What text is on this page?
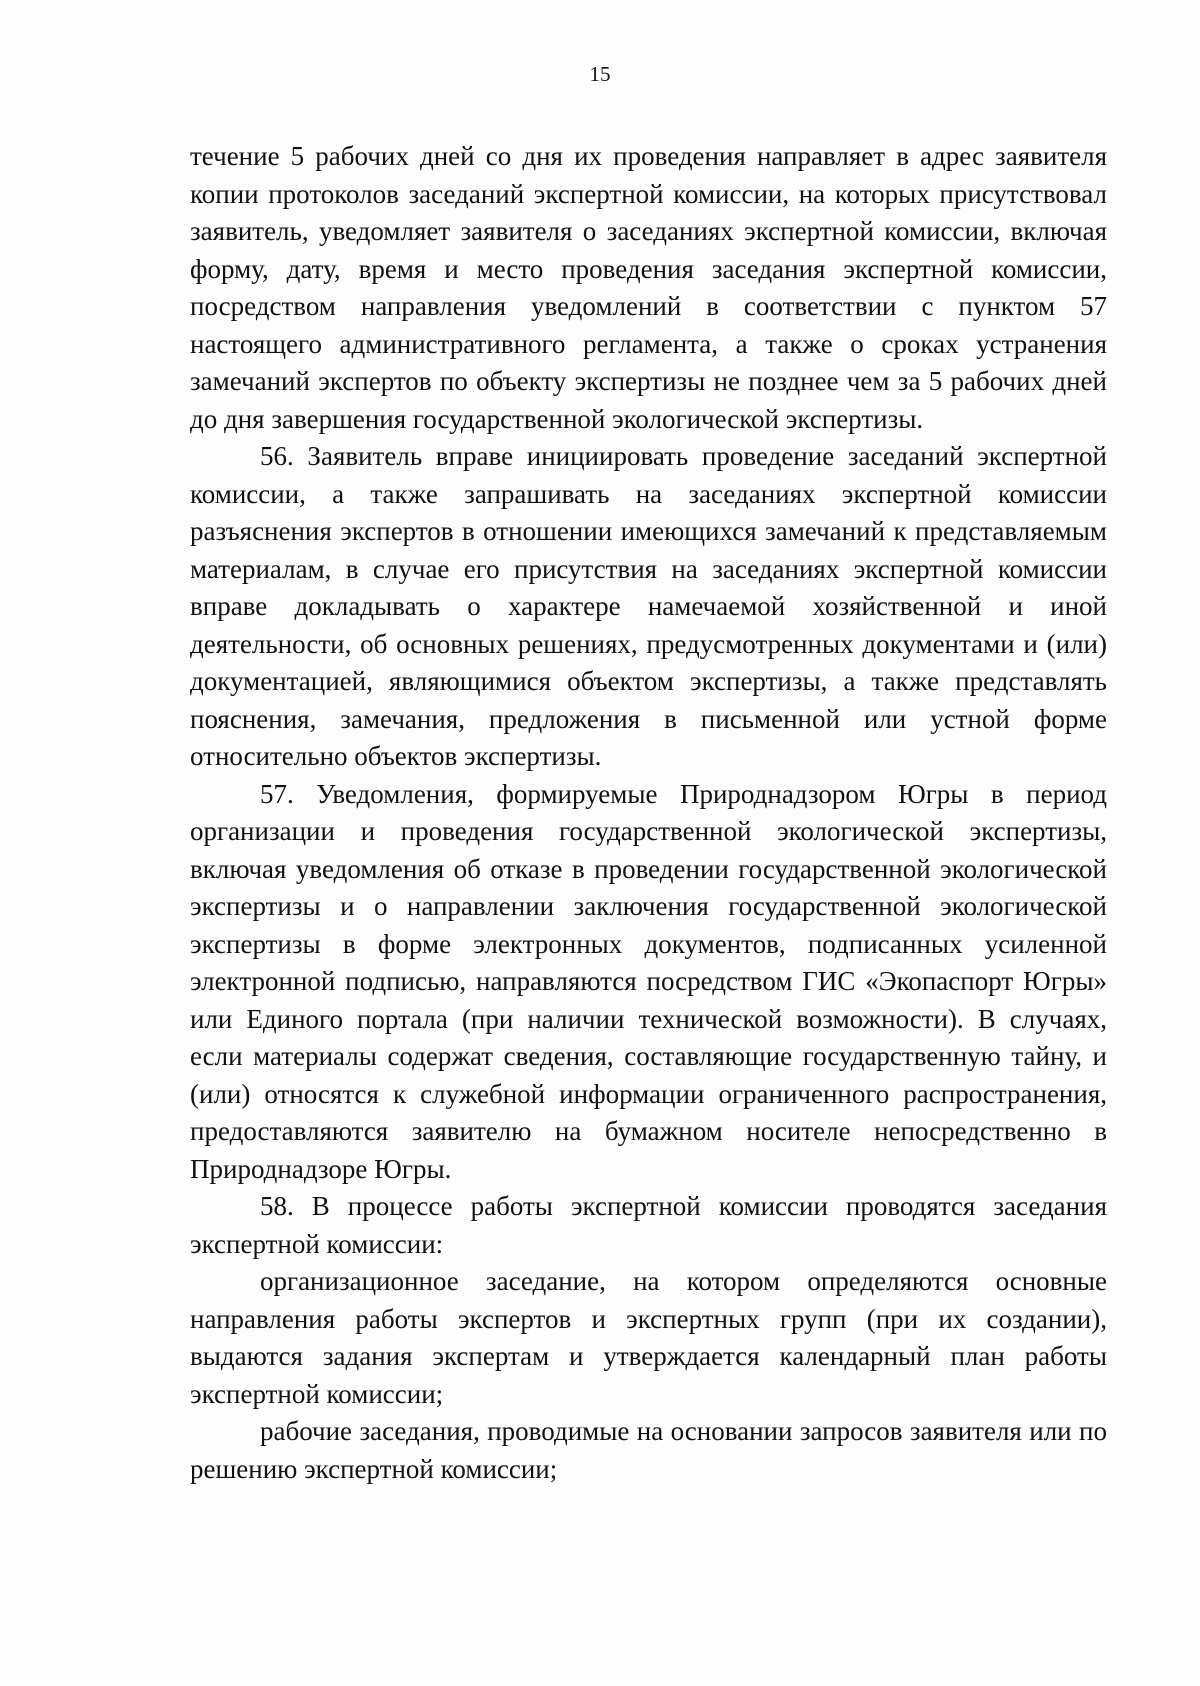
15

течение 5 рабочих дней со дня их проведения направляет в адрес заявителя копии протоколов заседаний экспертной комиссии, на которых присутствовал заявитель, уведомляет заявителя о заседаниях экспертной комиссии, включая форму, дату, время и место проведения заседания экспертной комиссии, посредством направления уведомлений в соответствии с пунктом 57 настоящего административного регламента, а также о сроках устранения замечаний экспертов по объекту экспертизы не позднее чем за 5 рабочих дней до дня завершения государственной экологической экспертизы.

56. Заявитель вправе инициировать проведение заседаний экспертной комиссии, а также запрашивать на заседаниях экспертной комиссии разъяснения экспертов в отношении имеющихся замечаний к представляемым материалам, в случае его присутствия на заседаниях экспертной комиссии вправе докладывать о характере намечаемой хозяйственной и иной деятельности, об основных решениях, предусмотренных документами и (или) документацией, являющимися объектом экспертизы, а также представлять пояснения, замечания, предложения в письменной или устной форме относительно объектов экспертизы.

57. Уведомления, формируемые Природнадзором Югры в период организации и проведения государственной экологической экспертизы, включая уведомления об отказе в проведении государственной экологической экспертизы и о направлении заключения государственной экологической экспертизы в форме электронных документов, подписанных усиленной электронной подписью, направляются посредством ГИС «Экопаспорт Югры» или Единого портала (при наличии технической возможности). В случаях, если материалы содержат сведения, составляющие государственную тайну, и (или) относятся к служебной информации ограниченного распространения, предоставляются заявителю на бумажном носителе непосредственно в Природнадзоре Югры.

58. В процессе работы экспертной комиссии проводятся заседания экспертной комиссии:

организационное заседание, на котором определяются основные направления работы экспертов и экспертных групп (при их создании), выдаются задания экспертам и утверждается календарный план работы экспертной комиссии;

рабочие заседания, проводимые на основании запросов заявителя или по решению экспертной комиссии;
